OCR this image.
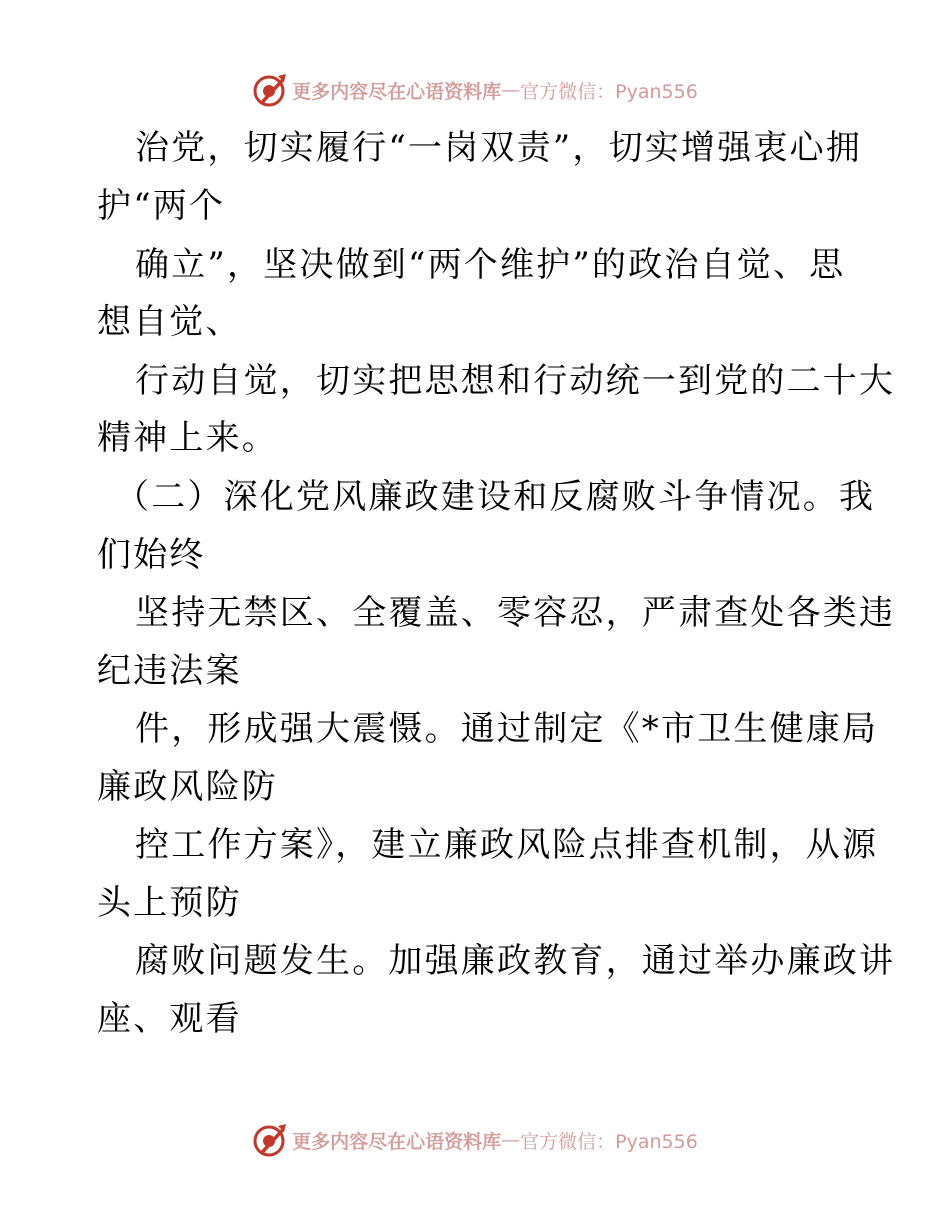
更多内容尽在心语资料库 — 官方微信：Pyan556
治党，切实履行“一岗双责”，切实增强衷心拥
护“两个
确立”，坚决做到“两个维护”的政治自觉、思
想自觉、
行动自觉，切实把思想和行动统一到党的二十大
精神上来。
（二）深化党风廉政建设和反腐败斗争情况。我
们始终
坚持无禁区、全覆盖、零容忍，严肃查处各类违
纪违法案
件，形成强大震慑。通过制定《*市卫生健康局
廉政风险防
控工作方案》，建立廉政风险点排查机制，从源
头上预防
腐败问题发生。加强廉政教育，通过举办廉政讲
座、观看
更多内容尽在心语资料库 — 官方微信：Pyan556
